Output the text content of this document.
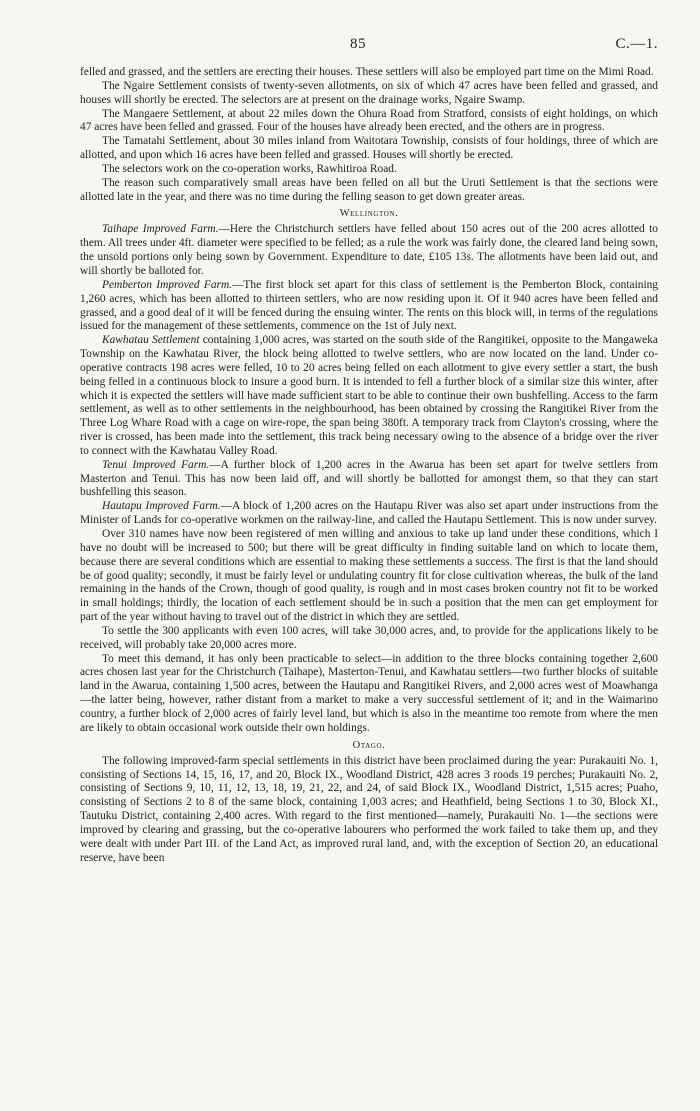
85	C.—1.

felled and grassed, and the settlers are erecting their houses. These settlers will also be employed part time on the Mimi Road.

The Ngaire Settlement consists of twenty-seven allotments, on six of which 47 acres have been felled and grassed, and houses will shortly be erected. The selectors are at present on the drainage works, Ngaire Swamp.

The Mangaere Settlement, at about 22 miles down the Ohura Road from Stratford, consists of eight holdings, on which 47 acres have been felled and grassed. Four of the houses have already been erected, and the others are in progress.

The Tamatahi Settlement, about 30 miles inland from Waitotara Township, consists of four holdings, three of which are allotted, and upon which 16 acres have been felled and grassed. Houses will shortly be erected.

The selectors work on the co-operation works, Rawhitiroa Road.

The reason such comparatively small areas have been felled on all but the Uruti Settlement is that the sections were allotted late in the year, and there was no time during the felling season to get down greater areas.

Wellington.

Taihape Improved Farm.—Here the Christchurch settlers have felled about 150 acres out of the 200 acres allotted to them. All trees under 4ft. diameter were specified to be felled; as a rule the work was fairly done, the cleared land being sown, the unsold portions only being sown by Government. Expenditure to date, £105 13s. The allotments have been laid out, and will shortly be balloted for.

Pemberton Improved Farm.—The first block set apart for this class of settlement is the Pemberton Block, containing 1,260 acres, which has been allotted to thirteen settlers, who are now residing upon it. Of it 940 acres have been felled and grassed, and a good deal of it will be fenced during the ensuing winter. The rents on this block will, in terms of the regulations issued for the management of these settlements, commence on the 1st of July next.

Kawhatau Settlement containing 1,000 acres, was started on the south side of the Rangitikei, opposite to the Mangaweka Township on the Kawhatau River, the block being allotted to twelve settlers, who are now located on the land. Under co-operative contracts 198 acres were felled, 10 to 20 acres being felled on each allotment to give every settler a start, the bush being felled in a continuous block to insure a good burn. It is intended to fell a further block of a similar size this winter, after which it is expected the settlers will have made sufficient start to be able to continue their own bushfelling. Access to the farm settlement, as well as to other settlements in the neighbourhood, has been obtained by crossing the Rangitikei River from the Three Log Whare Road with a cage on wire-rope, the span being 380ft. A temporary track from Clayton's crossing, where the river is crossed, has been made into the settlement, this track being necessary owing to the absence of a bridge over the river to connect with the Kawhatau Valley Road.

Tenui Improved Farm.—A further block of 1,200 acres in the Awarua has been set apart for twelve settlers from Masterton and Tenui. This has now been laid off, and will shortly be ballotted for amongst them, so that they can start bushfelling this season.

Hautapu Improved Farm.—A block of 1,200 acres on the Hautapu River was also set apart under instructions from the Minister of Lands for co-operative workmen on the railway-line, and called the Hautapu Settlement. This is now under survey.

Over 310 names have now been registered of men willing and anxious to take up land under these conditions, which I have no doubt will be increased to 500; but there will be great difficulty in finding suitable land on which to locate them, because there are several conditions which are essential to making these settlements a success. The first is that the land should be of good quality; secondly, it must be fairly level or undulating country fit for close cultivation whereas, the bulk of the land remaining in the hands of the Crown, though of good quality, is rough and in most cases broken country not fit to be worked in small holdings; thirdly, the location of each settlement should be in such a position that the men can get employment for part of the year without having to travel out of the district in which they are settled.

To settle the 300 applicants with even 100 acres, will take 30,000 acres, and, to provide for the applications likely to be received, will probably take 20,000 acres more.

To meet this demand, it has only been practicable to select—in addition to the three blocks containing together 2,600 acres chosen last year for the Christchurch (Taihape), Masterton-Tenui, and Kawhatau settlers—two further blocks of suitable land in the Awarua, containing 1,500 acres, between the Hautapu and Rangitikei Rivers, and 2,000 acres west of Moawhanga—the latter being, however, rather distant from a market to make a very successful settlement of it; and in the Waimarino country, a further block of 2,000 acres of fairly level land, but which is also in the meantime too remote from where the men are likely to obtain occasional work outside their own holdings.

Otago.

The following improved-farm special settlements in this district have been proclaimed during the year: Purakauiti No. 1, consisting of Sections 14, 15, 16, 17, and 20, Block IX., Woodland District, 428 acres 3 roods 19 perches; Purakauiti No. 2, consisting of Sections 9, 10, 11, 12, 13, 18, 19, 21, 22, and 24, of said Block IX., Woodland District, 1,515 acres; Puaho, consisting of Sections 2 to 8 of the same block, containing 1,003 acres; and Heathfield, being Sections 1 to 30, Block XI., Tautuku District, containing 2,400 acres. With regard to the first mentioned—namely, Purakauiti No. 1—the sections were improved by clearing and grassing, but the co-operative labourers who performed the work failed to take them up, and they were dealt with under Part III. of the Land Act, as improved rural land, and, with the exception of Section 20, an educational reserve, have been
